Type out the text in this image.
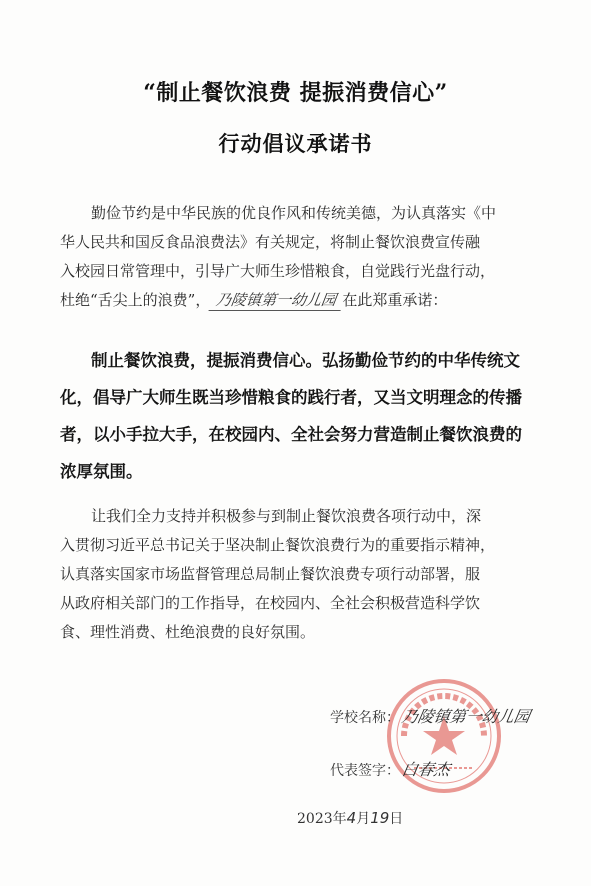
“制止餐饮浪费 提振消费信心”
行动倡议承诺书
勤俭节约是中华民族的优良作风和传统美德，为认真落实《中
华人民共和国反食品浪费法》有关规定，将制止餐饮浪费宣传融
入校园日常管理中，引导广大师生珍惜粮食，自觉践行光盘行动，
杜绝“舌尖上的浪费”， 乃陵镇第一幼儿园 在此郑重承诺：
制止餐饮浪费，提振消费信心。弘扬勤俭节约的中华传统文
化，倡导广大师生既当珍惜粮食的践行者，又当文明理念的传播
者，以小手拉大手，在校园内、全社会努力营造制止餐饮浪费的
浓厚氛围。
让我们全力支持并积极参与到制止餐饮浪费各项行动中，深
入贯彻习近平总书记关于坚决制止餐饮浪费行为的重要指示精神，
认真落实国家市场监督管理总局制止餐饮浪费专项行动部署，服
从政府相关部门的工作指导，在校园内、全社会积极营造科学饮
食、理性消费、杜绝浪费的良好氛围。
学校名称：乃陵镇第一幼儿园
代表签字：白春杰
2023年4月19日
